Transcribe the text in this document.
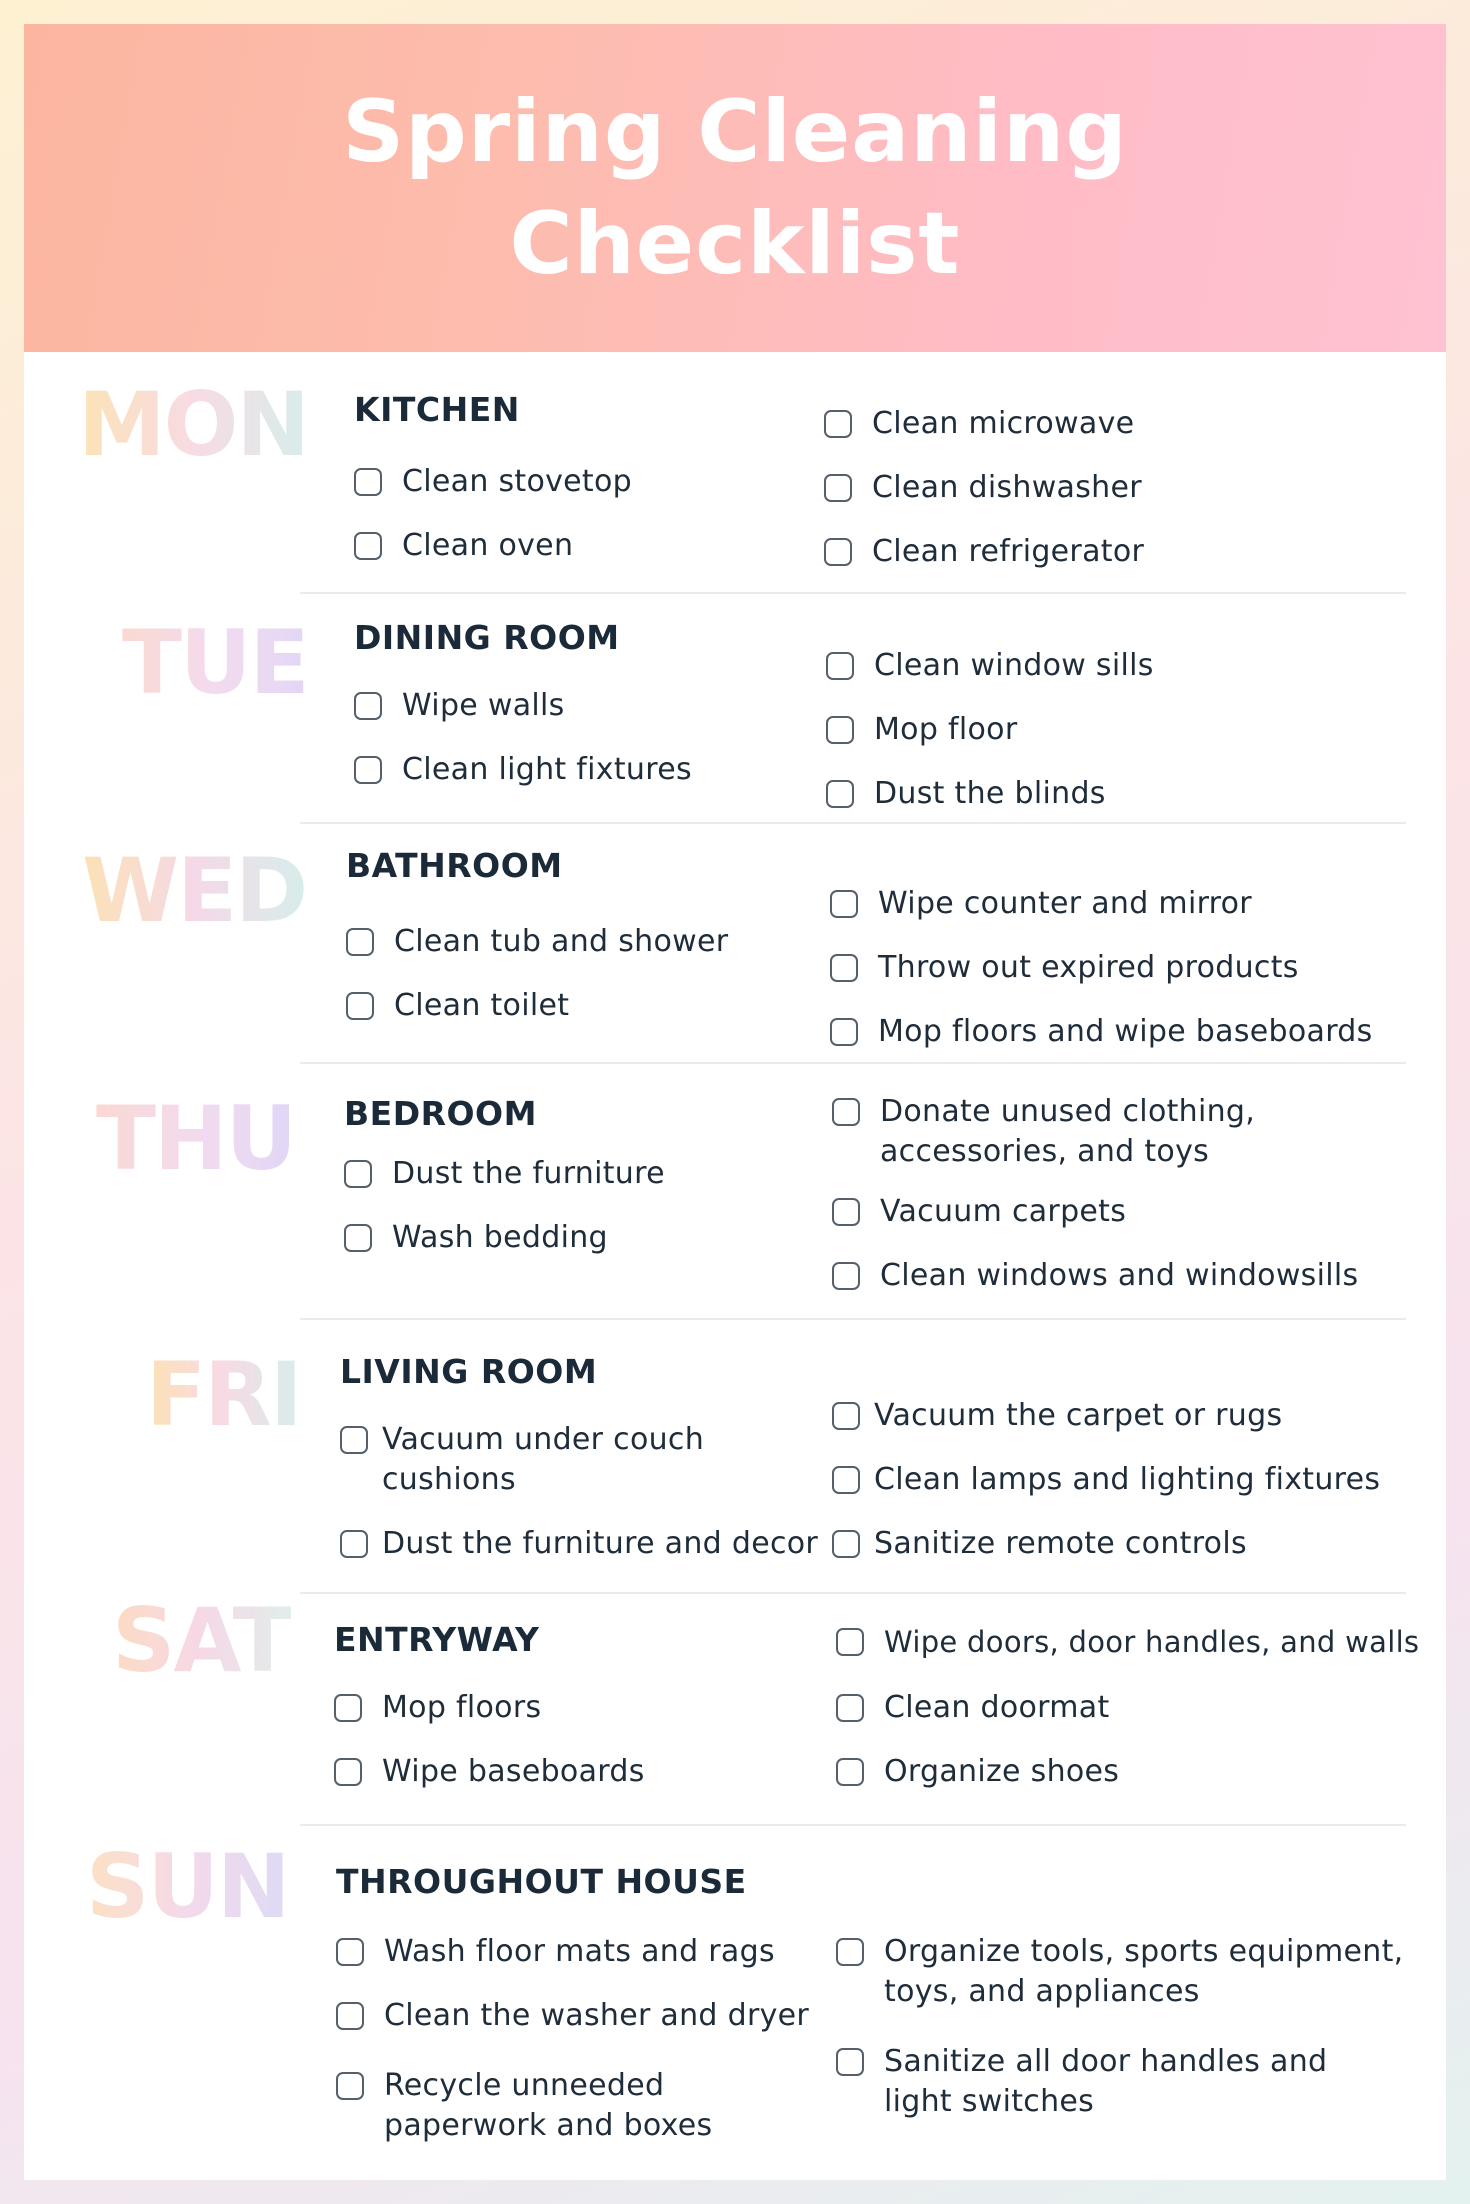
Spring Cleaning Checklist
MON
TUE
WED
THU
FRI
SAT
SUN
KITCHEN
Clean stovetop
Clean oven
Clean microwave
Clean dishwasher
Clean refrigerator
DINING ROOM
Wipe walls
Clean light fixtures
Clean window sills
Mop floor
Dust the blinds
BATHROOM
Clean tub and shower
Clean toilet
Wipe counter and mirror
Throw out expired products
Mop floors and wipe baseboards
BEDROOM
Dust the furniture
Wash bedding
Donate unused clothing, accessories, and toys
Vacuum carpets
Clean windows and windowsills
LIVING ROOM
Vacuum under couch cushions
Dust the furniture and decor
Vacuum the carpet or rugs
Clean lamps and lighting fixtures
Sanitize remote controls
ENTRYWAY
Mop floors
Wipe baseboards
Wipe doors, door handles, and walls
Clean doormat
Organize shoes
THROUGHOUT HOUSE
Wash floor mats and rags
Clean the washer and dryer
Recycle unneeded paperwork and boxes
Organize tools, sports equipment, toys, and appliances
Sanitize all door handles and light switches
